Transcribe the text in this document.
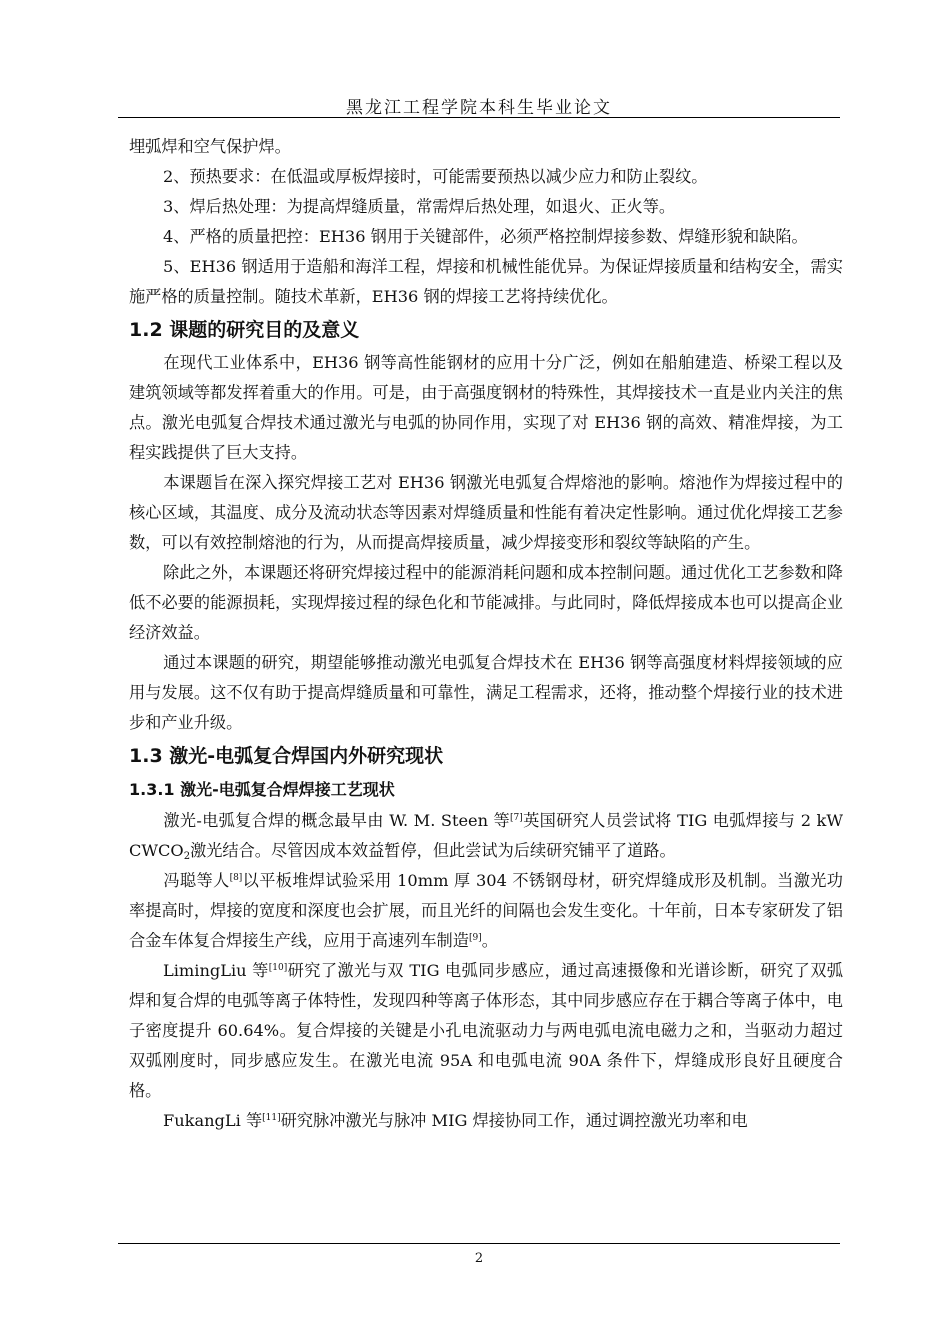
黑龙江工程学院本科生毕业论文

埋弧焊和空气保护焊。

2、预热要求：在低温或厚板焊接时，可能需要预热以减少应力和防止裂纹。

3、焊后热处理：为提高焊缝质量，常需焊后热处理，如退火、正火等。

4、严格的质量把控：EH36 钢用于关键部件，必须严格控制焊接参数、焊缝形貌和缺陷。

5、EH36 钢适用于造船和海洋工程，焊接和机械性能优异。为保证焊接质量和结构安全，需实施严格的质量控制。随技术革新，EH36 钢的焊接工艺将持续优化。

1.2 课题的研究目的及意义

在现代工业体系中，EH36 钢等高性能钢材的应用十分广泛，例如在船舶建造、桥梁工程以及建筑领域等都发挥着重大的作用。可是，由于高强度钢材的特殊性，其焊接技术一直是业内关注的焦点。激光电弧复合焊技术通过激光与电弧的协同作用，实现了对 EH36 钢的高效、精准焊接，为工程实践提供了巨大支持。

本课题旨在深入探究焊接工艺对 EH36 钢激光电弧复合焊熔池的影响。熔池作为焊接过程中的核心区域，其温度、成分及流动状态等因素对焊缝质量和性能有着决定性影响。通过优化焊接工艺参数，可以有效控制熔池的行为，从而提高焊接质量，减少焊接变形和裂纹等缺陷的产生。

除此之外，本课题还将研究焊接过程中的能源消耗问题和成本控制问题。通过优化工艺参数和降低不必要的能源损耗，实现焊接过程的绿色化和节能减排。与此同时，降低焊接成本也可以提高企业经济效益。

通过本课题的研究，期望能够推动激光电弧复合焊技术在 EH36 钢等高强度材料焊接领域的应用与发展。这不仅有助于提高焊缝质量和可靠性，满足工程需求，还将，推动整个焊接行业的技术进步和产业升级。

1.3 激光-电弧复合焊国内外研究现状
1.3.1 激光-电弧复合焊焊接工艺现状

激光-电弧复合焊的概念最早由 W. M. Steen 等[7]英国研究人员尝试将 TIG 电弧焊接与 2 kW $CWCO_2$激光结合。尽管因成本效益暂停，但此尝试为后续研究铺平了道路。

冯聪等人[8]以平板堆焊试验采用 10mm 厚 304 不锈钢母材，研究焊缝成形及机制。当激光功率提高时，焊接的宽度和深度也会扩展，而且光纤的间隔也会发生变化。十年前，日本专家研发了铝合金车体复合焊接生产线，应用于高速列车制造[9]。

LimingLiu 等[10]研究了激光与双 TIG 电弧同步感应，通过高速摄像和光谱诊断，研究了双弧焊和复合焊的电弧等离子体特性，发现四种等离子体形态，其中同步感应存在于耦合等离子体中，电子密度提升 60.64%。复合焊接的关键是小孔电流驱动力与两电弧电流电磁力之和，当驱动力超过双弧刚度时，同步感应发生。在激光电流 95A 和电弧电流 90A 条件下，焊缝成形良好且硬度合格。

FukangLi 等[11]研究脉冲激光与脉冲 MIG 焊接协同工作，通过调控激光功率和电

2
